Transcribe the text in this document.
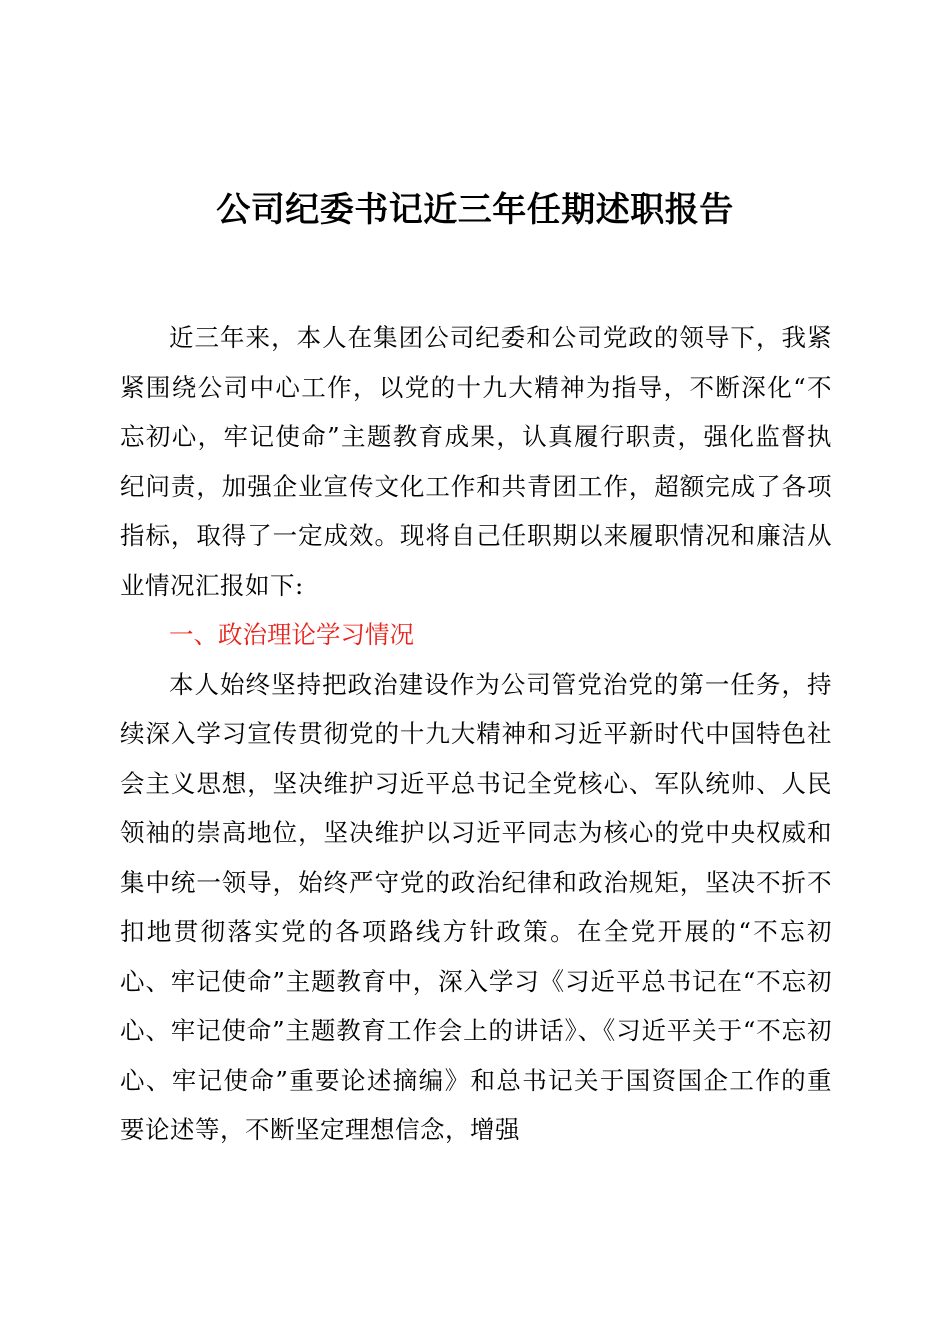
公司纪委书记近三年任期述职报告

近三年来，本人在集团公司纪委和公司党政的领导下，我紧紧围绕公司中心工作，以党的十九大精神为指导，不断深化“不忘初心，牢记使命”主题教育成果，认真履行职责，强化监督执纪问责，加强企业宣传文化工作和共青团工作，超额完成了各项指标，取得了一定成效。现将自己任职期以来履职情况和廉洁从业情况汇报如下:

一、政治理论学习情况

本人始终坚持把政治建设作为公司管党治党的第一任务，持续深入学习宣传贯彻党的十九大精神和习近平新时代中国特色社会主义思想，坚决维护习近平总书记全党核心、军队统帅、人民领袖的崇高地位，坚决维护以习近平同志为核心的党中央权威和集中统一领导，始终严守党的政治纪律和政治规矩，坚决不折不扣地贯彻落实党的各项路线方针政策。在全党开展的“不忘初心、牢记使命”主题教育中，深入学习《习近平总书记在“不忘初心、牢记使命”主题教育工作会上的讲话》、《习近平关于“不忘初心、牢记使命”重要论述摘编》和总书记关于国资国企工作的重要论述等，不断坚定理想信念，增强
